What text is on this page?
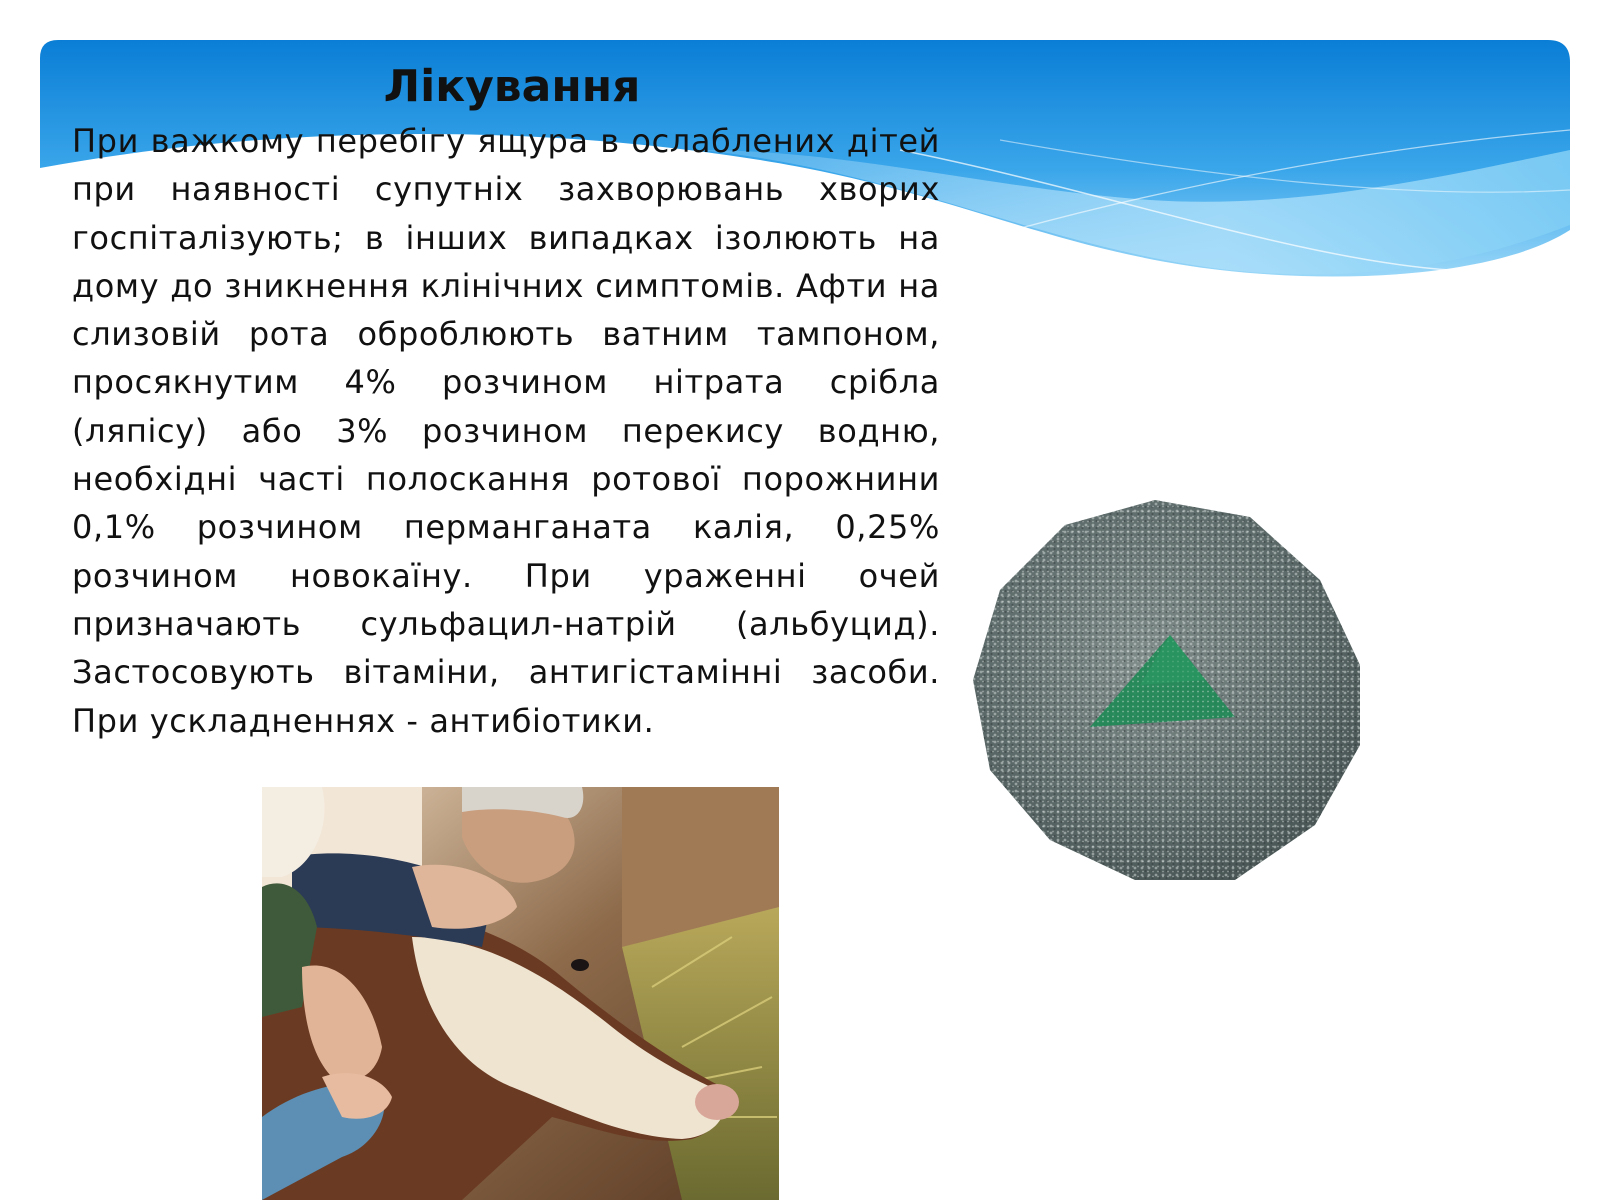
Лікування

При важкому перебігу ящура в ослаблених дітей при наявності супутніх захворювань хворих госпіталізують; в інших випадках ізолюють на дому до зникнення клінічних симптомів. Афти на слизовій рота оброблюють ватним тампоном, просякнутим 4% розчином нітрата срібла (ляпісу) або 3% розчином перекису водню, необхідні часті полоскання ротової порожнини 0,1% розчином перманганата калія, 0,25% розчином новокаїну. При ураженні очей призначають сульфацил-натрій (альбуцид). Застосовують вітаміни, антигістамінні засоби. При ускладненнях - антибіотики.
